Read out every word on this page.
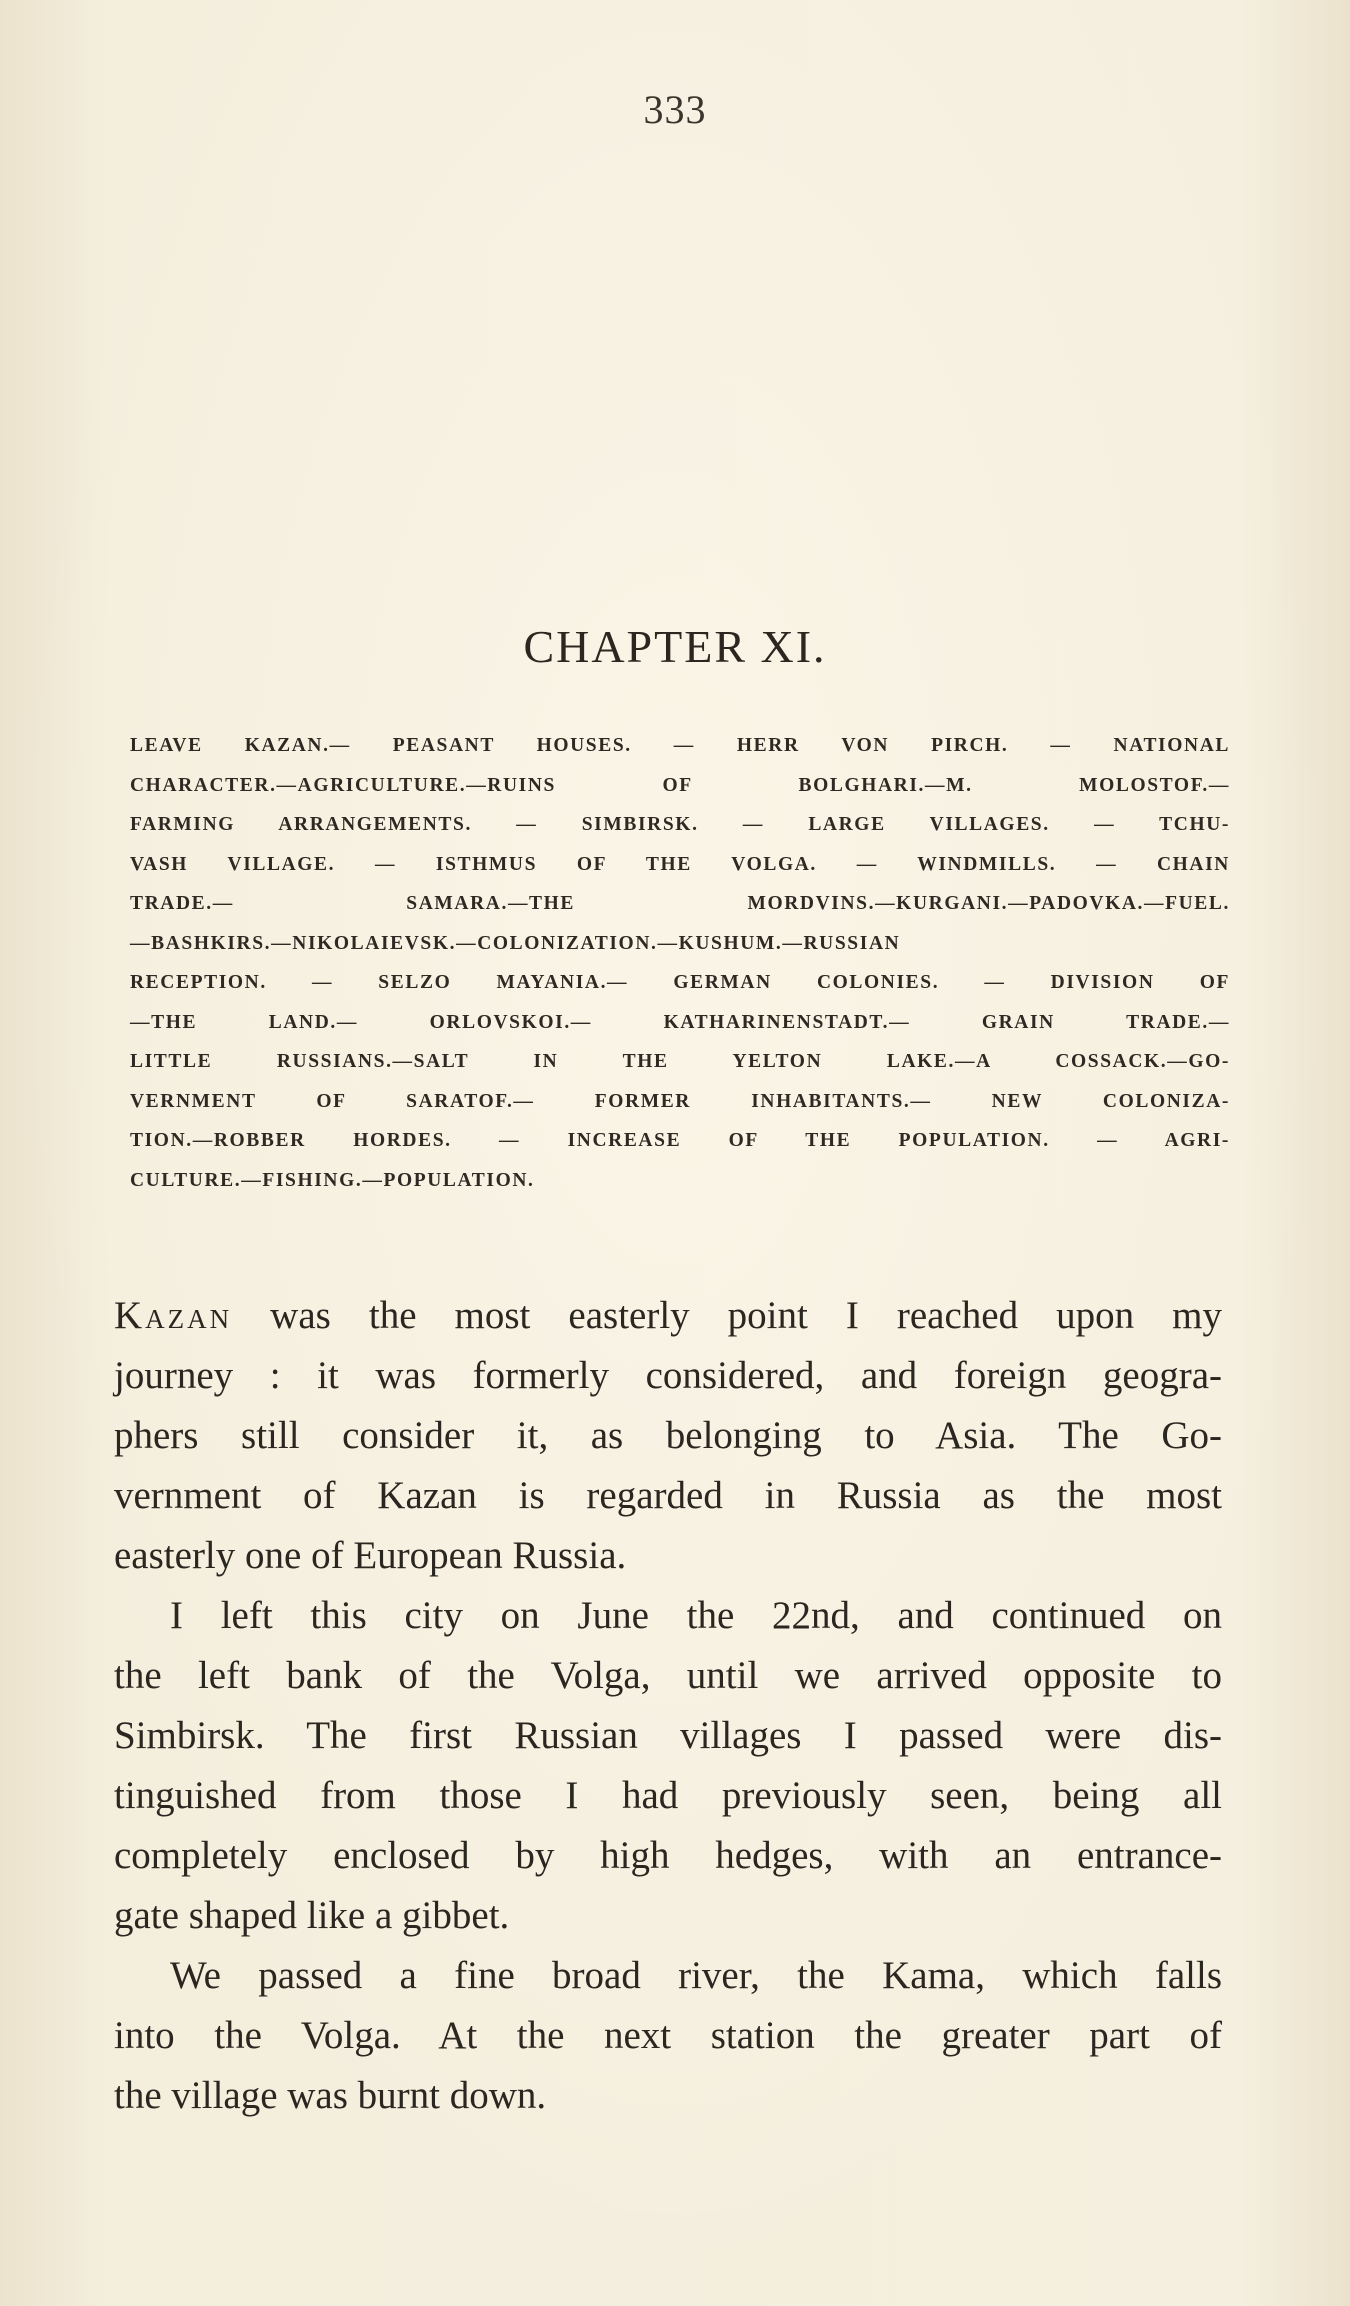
333
CHAPTER XI.
LEAVE KAZAN.— PEASANT HOUSES. — HERR VON PIRCH. — NATIONAL
CHARACTER.—AGRICULTURE.—RUINS OF BOLGHARI.—M. MOLOSTOF.—
FARMING ARRANGEMENTS. — SIMBIRSK. — LARGE VILLAGES. — TCHU-
VASH VILLAGE. — ISTHMUS OF THE VOLGA. — WINDMILLS. — CHAIN
TRADE.— SAMARA.—THE MORDVINS.—KURGANI.—PADOVKA.—FUEL.
—BASHKIRS.—NIKOLAIEVSK.—COLONIZATION.—KUSHUM.—RUSSIAN
RECEPTION. — SELZO MAYANIA.— GERMAN COLONIES. — DIVISION OF
—THE LAND.— ORLOVSKOI.— KATHARINENSTADT.— GRAIN TRADE.—
LITTLE RUSSIANS.—SALT IN THE YELTON LAKE.—A COSSACK.—GO-
VERNMENT OF SARATOF.— FORMER INHABITANTS.— NEW COLONIZA-
TION.—ROBBER HORDES. — INCREASE OF THE POPULATION. — AGRI-
CULTURE.—FISHING.—POPULATION.
Kazan was the most easterly point I reached upon my
journey : it was formerly considered, and foreign geogra-
phers still consider it, as belonging to Asia. The Go-
vernment of Kazan is regarded in Russia as the most
easterly one of European Russia.
I left this city on June the 22nd, and continued on
the left bank of the Volga, until we arrived opposite to
Simbirsk. The first Russian villages I passed were dis-
tinguished from those I had previously seen, being all
completely enclosed by high hedges, with an entrance-
gate shaped like a gibbet.
We passed a fine broad river, the Kama, which falls
into the Volga. At the next station the greater part of
the village was burnt down.
